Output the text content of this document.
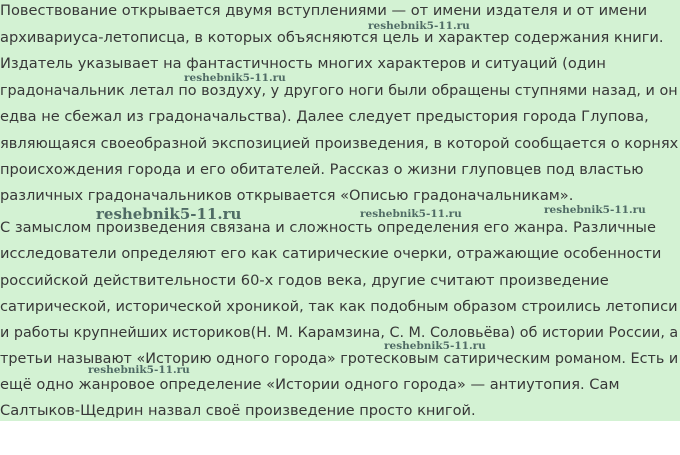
Повествование открывается двумя вступлениями — от имени издателя и от имени
архивариуса-летописца, в которых объясняются цель и характер содержания книги.
Издатель указывает на фантастичность многих характеров и ситуаций (один
градоначальник летал по воздуху, у другого ноги были обращены ступнями назад, и он
едва не сбежал из градоначальства). Далее следует предыстория города Глупова,
являющаяся своеобразной экспозицией произведения, в которой сообщается о корнях
происхождения города и его обитателей. Рассказ о жизни глуповцев под властью
различных градоначальников открывается «Описью градоначальникам».
С замыслом произведения связана и сложность определения его жанра. Различные
исследователи определяют его как сатирические очерки, отражающие особенности
российской действительности 60-х годов века, другие считают произведение
сатирической, исторической хроникой, так как подобным образом строились летописи
и работы крупнейших историков(Н. М. Карамзина, С. М. Соловьёва) об истории России, а
третьи называют «Историю одного города» гротесковым сатирическим романом. Есть и
ещё одно жанровое определение «Истории одного города» — антиутопия. Сам
Салтыков-Щедрин назвал своё произведение просто книгой.
reshebnik5-11.ru
reshebnik5-11.ru
reshebnik5-11.ru	reshebnik5-11.ru	reshebnik5-11.ru
reshebnik5-11.ru
reshebnik5-11.ru
